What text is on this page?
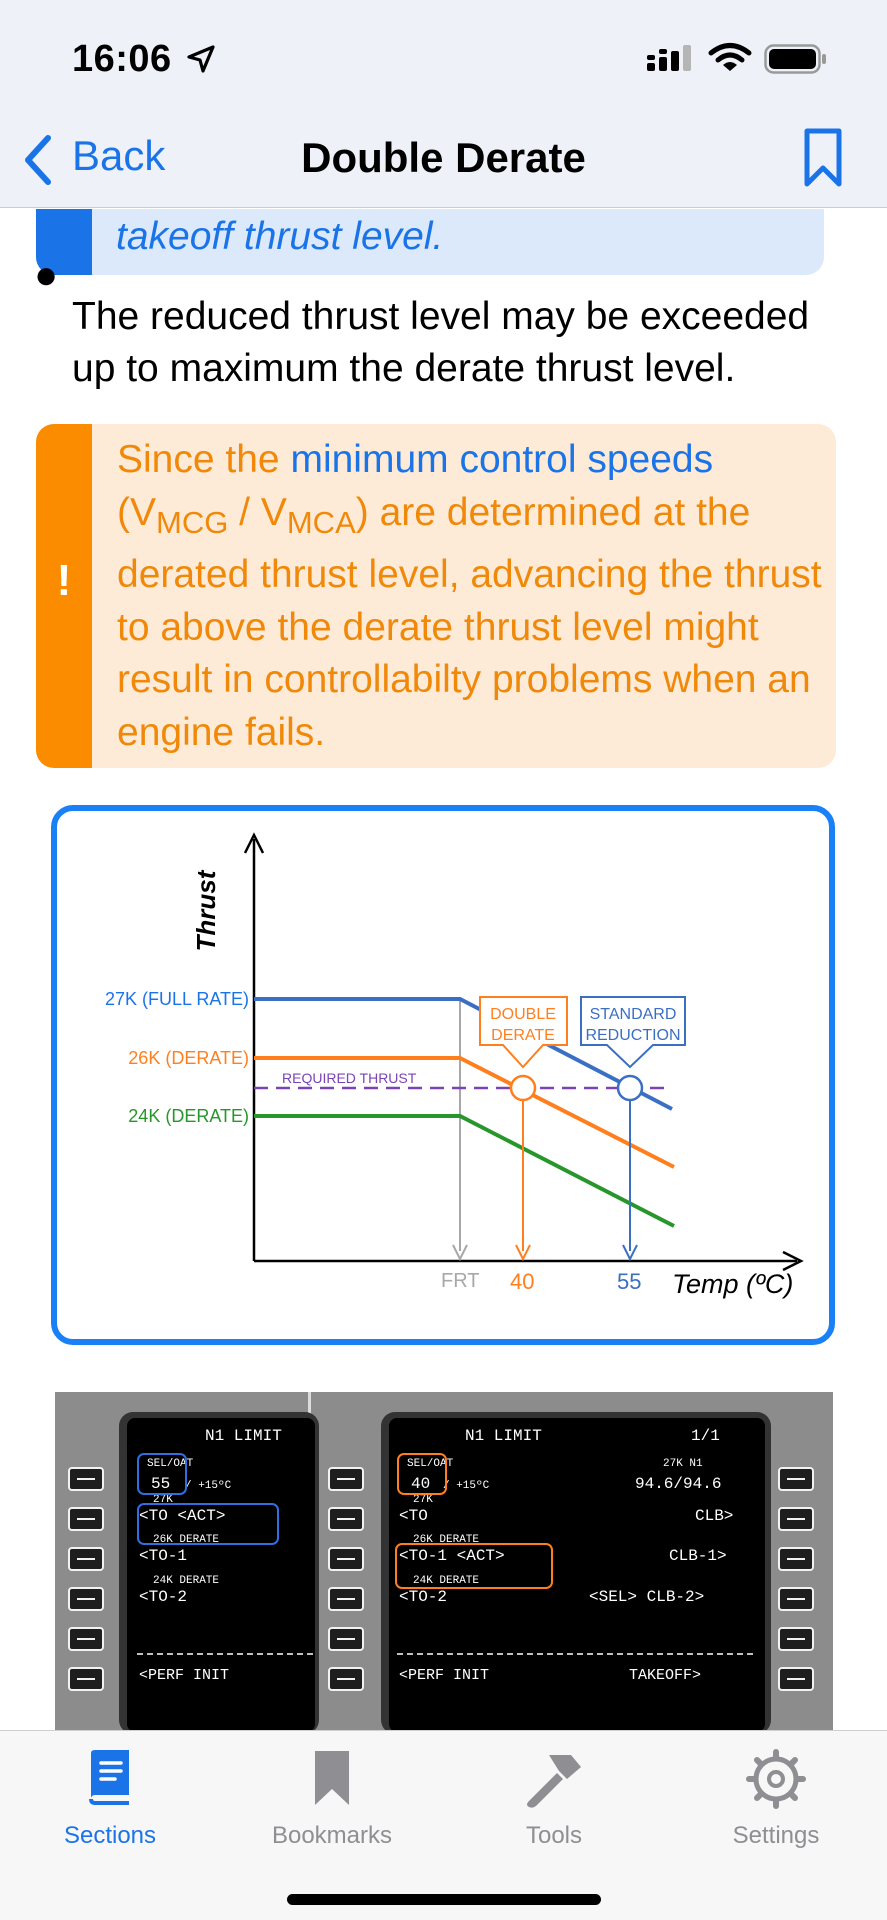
16:06
Back	Double Derate
takeoff thrust level.
●
The reduced thrust level may be exceeded up to maximum the derate thrust level.
!
Since the minimum control speeds
$(V_{MCG} / V_{MCA})$ are determined at the derated thrust level, advancing the thrust to above the derate thrust level might result in controllabilty problems when an engine fails.
Thrust
Temp (ºC)
REQUIRED THRUST
DOUBLE
DERATE
STANDARD
REDUCTION
27K (FULL RATE)
26K (DERATE)
24K (DERATE)
FRT 40	55
N1 LIMIT
SEL/OAT
55 / +15ºC
27K
<TO <ACT>
26K DERATE
<TO-1
24K DERATE
<TO-2
<PERF INIT
N1 LIMIT	1/1
SEL/OAT
40 / +15ºC
27K N1
94.6/94.6
27K
<TO	CLB>
26K DERATE
<TO-1 <ACT>	CLB-1>
24K DERATE
<TO-2	<SEL> CLB-2>
<PERF INIT	TAKEOFF>
Sections	Bookmarks	Tools	Settings
